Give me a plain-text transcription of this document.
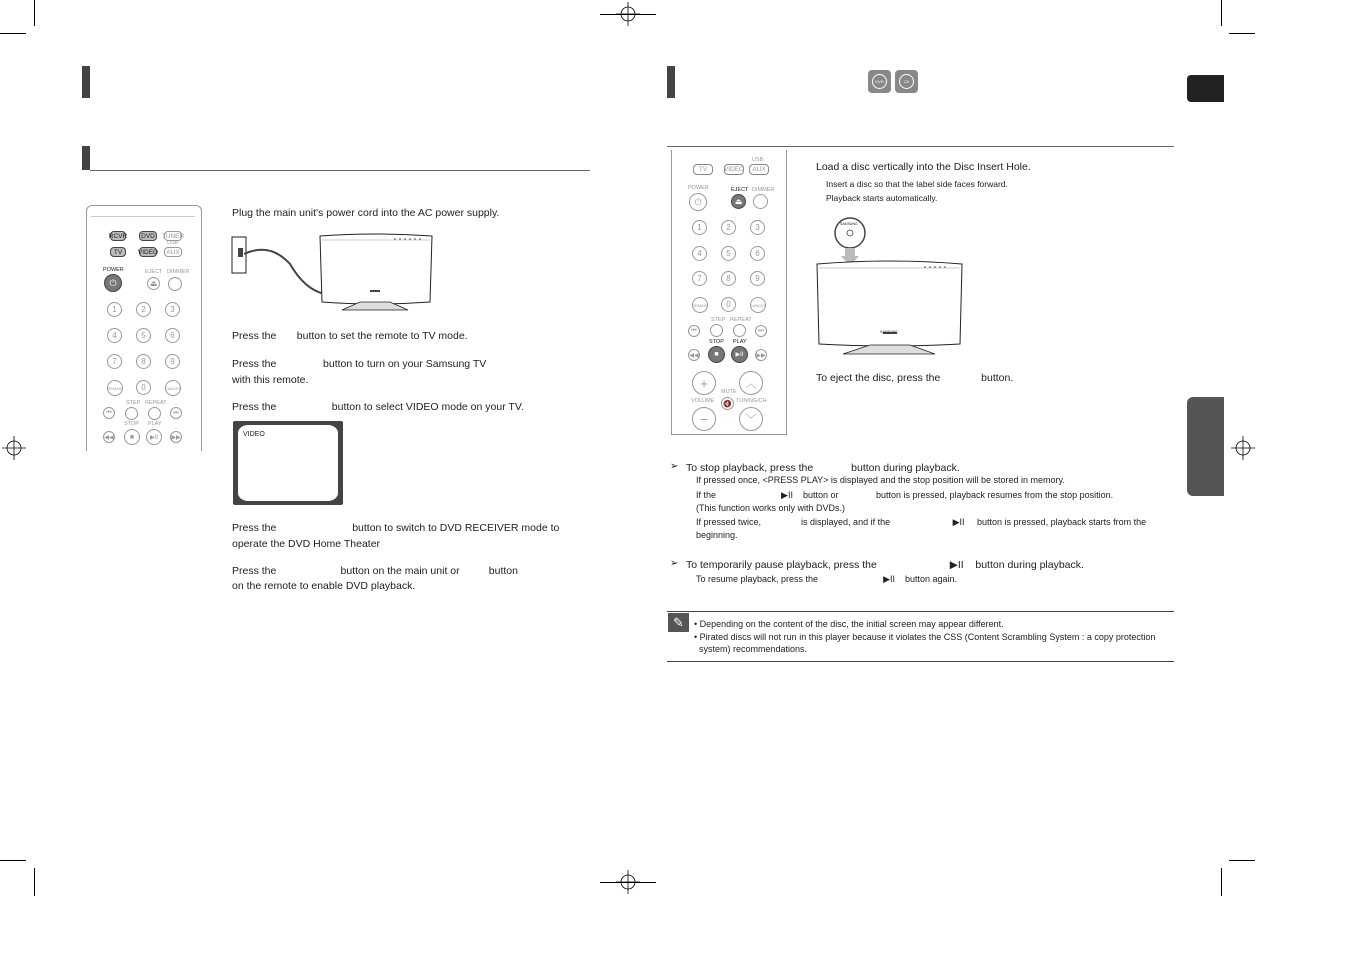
RCVR	DVD	TUNER
TV	VIDEO
USB
AUX
POWER	EJECT DIMMER
⏻	⏏
1	2	3
4	5	6
7	8	9
REMAIN	0	CANCEL
STEP REPEAT
⏮	⏭
STOP PLAY
◀◀	■	▶II	▶▶
Plug the main unit's power cord into the AC power supply.
Press the       button to set the remote to TV mode.
Press the                button to turn on your Samsung TV
with this remote.
Press the                   button to select VIDEO mode on your TV.
VIDEO
Press the                          button to switch to DVD RECEIVER mode to
operate the DVD Home Theater
Press the                      button on the main unit or          button
on the remote to enable DVD playback.
DVD	CD
TV	VIDEO
USB
AUX
POWER	EJECT DIMMER
⏻	⏏
1	2	3
4	5	6
7	8	9
REMAIN	0	CANCEL
STEP REPEAT
⏮	⏭
STOP PLAY
◀◀	■	▶II	▶▶
+	︿
MUTE
VOLUME	🔇 TUNING/CH
−	﹀
Load a disc vertically into the Disc Insert Hole.
Insert a disc so that the label side faces forward.
Playback starts automatically.
SAMSUNG
SAMSUNG
To eject the disc, press the              button.
➢ To stop playback, press the             button during playback.
If pressed once, <PRESS PLAY> is displayed and the stop position will be stored in memory.
If the                          ▶II    button or               button is pressed, playback resumes from the stop position.
(This function works only with DVDs.)
If pressed twice,                is displayed, and if the                         ▶II     button is pressed, playback starts from the
beginning.
➢ To temporarily pause playback, press the                         ▶II    button during playback.
To resume playback, press the                          ▶II    button again.
✎	• Depending on the content of the disc, the initial screen may appear different.
• Pirated discs will not run in this player because it violates the CSS (Content Scrambling System : a copy protection
system) recommendations.
